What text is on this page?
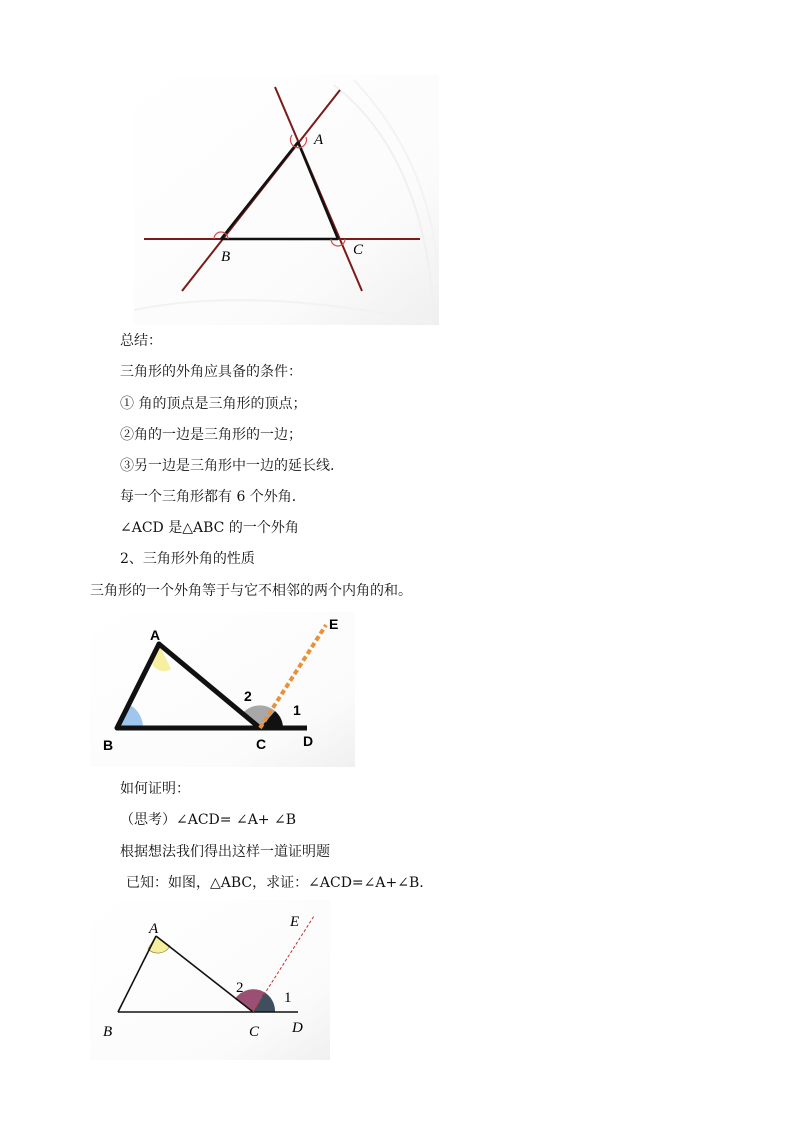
A
B	C
总结：
三角形的外角应具备的条件：
① 角的顶点是三角形的顶点；
②角的一边是三角形的一边；
③另一边是三角形中一边的延长线.
每一个三角形都有 6 个外角．
∠ACD 是△ABC 的一个外角
2、三角形外角的性质
三角形的一个外角等于与它不相邻的两个内角的和。
A
B	C	D
E
1
2
如何证明：
（思考）∠ACD= ∠A+ ∠B
根据想法我们得出这样一道证明题
已知：如图，△ABC，求证：∠ACD=∠A+∠B.
A
B	C D
E
1
2
